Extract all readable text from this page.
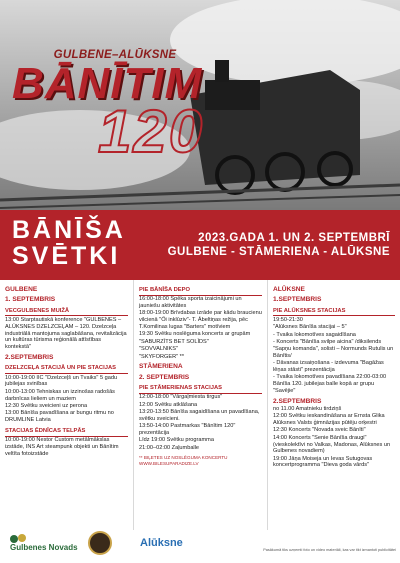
GULBENE–ALŪKSNE
BĀNĪTIM
120
BĀNĪŠA
SVĒTKI
2023.GADA 1. UN 2. SEPTEMBRĪ
GULBENE - STĀMERIENA - ALŪKSNE
GULBENE
1. SEPTEMBRIS
VECGULBENES MUIŽĀ
13:00 Starptautiskā konference "GULBENES – ALŪKSNES DZELZCEĻAM – 120. Dzelzceļa industriālā mantojuma saglabāšana, revitalizācija un kultūras tūrisma reģionālā attīstības kontekstā"
2.SEPTEMBRIS
DZELZCEĻA STACIJĀ UN PIE STACIJAS
10:00-19:00 IIC "Dzelzceļš un Tvaiks" 5 gadu jubilejas svinības
10:00-13:00 Tehniskas un izzinošas radošās darbnīcas lieliem un maziem
12:30 Svētku sveicieni uz perona
13:00 Bānīša pavadīšana ar bungu ritmu no DRUMLINE Latvia
STACIJAS ĒDNĪCAS TELPĀS
10:00-19:00 Nestor Custom metālmākslas izstāde, INS Art steampunk objekti un Bānītim veltīta fotoizstāde
PIE BĀNĪŠA DEPO
16:00-18:00 Spēka sporta izaicinājumi un jauniešu aktivitātes
18:00-19:00 Brīvdabas izrāde par kādu braucienu vilcienā "Ői inklūziv"- T. Ābeltiņas režija, pēc T.Komilinas lugas "Barters" motīviem
19:30 Svētku noslēguma koncerts ar grupām
"SABURZĪTS BET SOLĪDS"
"SOVVALNIKS"
"SKYFORGER" **
STĀMERIENA
2. SEPTEMBRIS
PIE STĀMERIENAS STACIJAS
12:00-18:00 "Vārgaļmiesta tirgus"
12:00 Svētku atklāšana
13:20-13:50 Bānīša sagaidīšana un pavadīšana, svētku sveicieni.
13:50-14:00 Pastmarkas "Bānītim 120" prezentācija
Līdz 19:00 Svētku programma
21:00–02:00 Zaļumballe
** BIĻETES UZ NOSLĒGUMA KONCERTU WWW.BILESUPARADIZE.LV
ALŪKSNE
1.SEPTEMBRIS
PIE ALŪKSNES STACIJAS
19:50-21:30
"Alūksnes Bānīša stacijai – 5"
- Tvaika lokomotīves sagaidīšana
- Koncerts "Bānīša svilpe aicina" /diksilends "Sapņu komanda", solisti – Normunds Rutulis un Bānītis/
- Dāvanas izsaiņošana - izdevuma "Bagāžas lēņas stāsti" prezentācija
- Tvaika lokomotīves pavadīšana 22:00-03:00 Bānīša 120. jubilejas balle kopā ar grupu "Savējie"
2.SEPTEMBRIS
no 11.00 Amatnieku tirdziņš
12:00 Svētku ieskandināšana ar Ernsta Glika Alūksnes Valsts ģimnāzijas pūtēju orķestri
12:30 Koncerts "Novada sveic Bānīti"
14:00 Koncerts "Senie Bānīša draugi" (vieskolektīvi no Valkas, Madonas, Alūksnes un Gulbenes novadiem)
19:00 Jāņa Moiseja un Ievas Sutugovas koncertprogramma "Dieva goda vārds"
Gulbenes Novads	Alūksne
Pasākumā tiks uzņemti foto un video materiāli, kas var tikt izmantoti publicitātei
